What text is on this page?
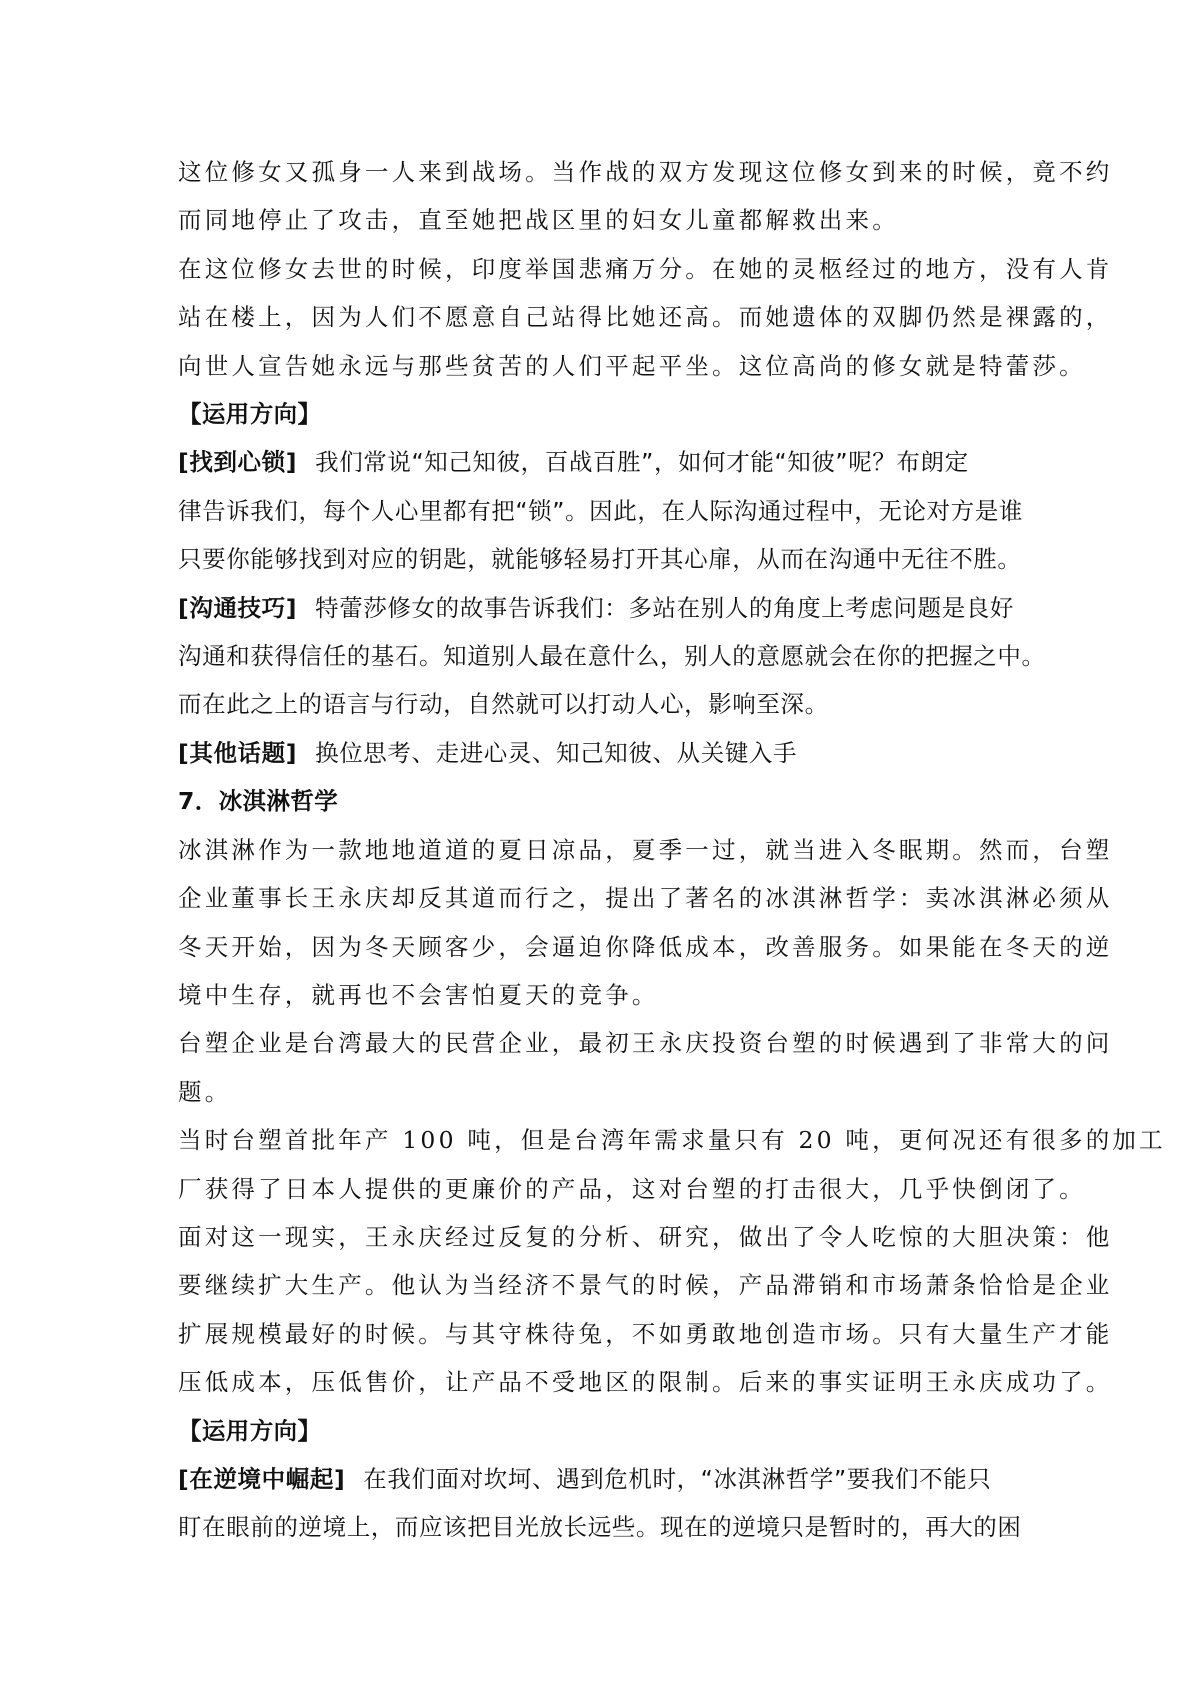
这位修女又孤身一人来到战场。当作战的双方发现这位修女到来的时候，竟不约

而同地停止了攻击，直至她把战区里的妇女儿童都解救出来。

在这位修女去世的时候，印度举国悲痛万分。在她的灵柩经过的地方，没有人肯

站在楼上，因为人们不愿意自己站得比她还高。而她遗体的双脚仍然是裸露的，

向世人宣告她永远与那些贫苦的人们平起平坐。这位高尚的修女就是特蕾莎。

【运用方向】

[找到心锁] 我们常说“知己知彼，百战百胜”，如何才能“知彼”呢？布朗定

律告诉我们，每个人心里都有把“锁”。因此，在人际沟通过程中，无论对方是谁

只要你能够找到对应的钥匙，就能够轻易打开其心扉，从而在沟通中无往不胜。

[沟通技巧] 特蕾莎修女的故事告诉我们：多站在别人的角度上考虑问题是良好

沟通和获得信任的基石。知道别人最在意什么，别人的意愿就会在你的把握之中。

而在此之上的语言与行动，自然就可以打动人心，影响至深。

[其他话题] 换位思考、走进心灵、知己知彼、从关键入手

7．冰淇淋哲学

冰淇淋作为一款地地道道的夏日凉品，夏季一过，就当进入冬眠期。然而，台塑

企业董事长王永庆却反其道而行之，提出了著名的冰淇淋哲学：卖冰淇淋必须从

冬天开始，因为冬天顾客少，会逼迫你降低成本，改善服务。如果能在冬天的逆

境中生存，就再也不会害怕夏天的竞争。

台塑企业是台湾最大的民营企业，最初王永庆投资台塑的时候遇到了非常大的问

题。

当时台塑首批年产 100 吨，但是台湾年需求量只有 20 吨，更何况还有很多的加工

厂获得了日本人提供的更廉价的产品，这对台塑的打击很大，几乎快倒闭了。

面对这一现实，王永庆经过反复的分析、研究，做出了令人吃惊的大胆决策：他

要继续扩大生产。他认为当经济不景气的时候，产品滞销和市场萧条恰恰是企业

扩展规模最好的时候。与其守株待兔，不如勇敢地创造市场。只有大量生产才能

压低成本，压低售价，让产品不受地区的限制。后来的事实证明王永庆成功了。

【运用方向】

[在逆境中崛起] 在我们面对坎坷、遇到危机时，“冰淇淋哲学”要我们不能只

盯在眼前的逆境上，而应该把目光放长远些。现在的逆境只是暂时的，再大的困
